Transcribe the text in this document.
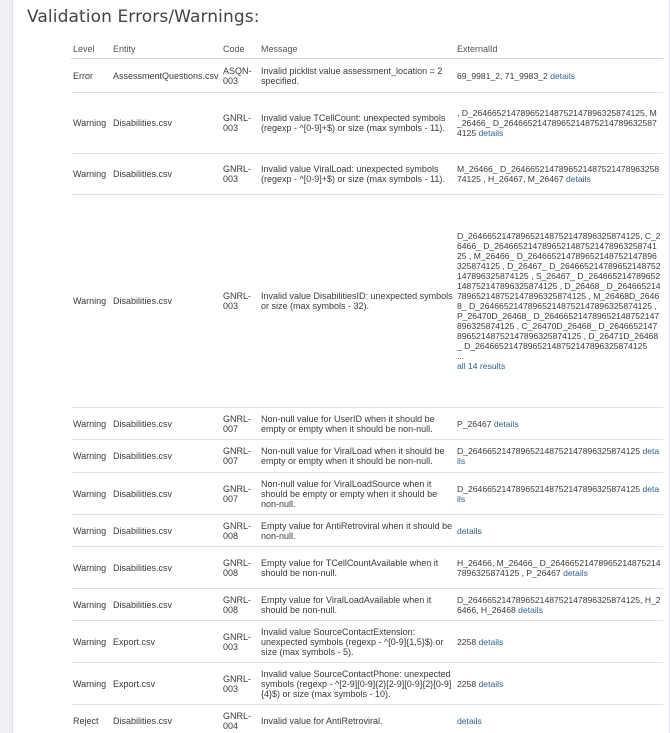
Validation Errors/Warnings:
Level	Entity	Code	Message	ExternalId
Error	AssessmentQuestions.csv	ASQN-003	Invalid picklist value assessment_location = 2 specified.	69_9981_2, 71_9983_2 details
Warning	Disabilities.csv	GNRL-003	Invalid value TCellCount: unexpected symbols (regexp - ^[0-9]+$) or size (max symbols - 11).	, D_264665214789652148752147896325874125, M_26466_ D_264665214789652148752147896325874125 details
Warning	Disabilities.csv	GNRL-003	Invalid value ViralLoad: unexpected symbols (regexp - ^[0-9]+$) or size (max symbols - 11).	M_26466_ D_264665214789652148752147896325874125 , H_26467, M_26467 details
Warning	Disabilities.csv	GNRL-003	Invalid value DisabilitiesID: unexpected symbols or size (max symbols - 32).	D_264665214789652148752147896325874125, C_26466_ D_264665214789652148752147896325874125 , M_26466_ D_264665214789652148752147896325874125 , D_26467_ D_264665214789652148752147896325874125 , S_26467_ D_264665214789652148752147896325874125 , D_26468_ D_264665214789652148752147896325874125 , M_26468D_26468_ D_264665214789652148752147896325874125 , P_26470D_26468_ D_264665214789652148752147896325874125 , C_26470D_26468_ D_264665214789652148752147896325874125 , D_26471D_26468_ D_264665214789652148752147896325874125
...
all 14 results
Warning	Disabilities.csv	GNRL-007	Non-null value for UserID when it should be empty or empty when it should be non-null.	P_26467 details
Warning	Disabilities.csv	GNRL-007	Non-null value for ViralLoad when it should be empty or empty when it should be non-null.	D_264665214789652148752147896325874125 details
Warning	Disabilities.csv	GNRL-007	Non-null value for ViralLoadSource when it should be empty or empty when it should be non-null.	D_264665214789652148752147896325874125 details
Warning	Disabilities.csv	GNRL-008	Empty value for AntiRetroviral when it should be non-null.	details
Warning	Disabilities.csv	GNRL-008	Empty value for TCellCountAvailable when it should be non-null.	H_26466, M_26466_ D_264665214789652148752147896325874125 , P_26467 details
Warning	Disabilities.csv	GNRL-008	Empty value for ViralLoadAvailable when it should be non-null.	D_264665214789652148752147896325874125, H_26466, H_26468 details
Warning	Export.csv	GNRL-003	Invalid value SourceContactExtension: unexpected symbols (regexp - ^[0-9]{1,5}$) or size (max symbols - 5).	2258 details
Warning	Export.csv	GNRL-003	Invalid value SourceContactPhone: unexpected symbols (regexp - ^[2-9][0-9]{2}[2-9][0-9]{2}[0-9]{4}$) or size (max symbols - 10).	2258 details
Reject	Disabilities.csv	GNRL-004	Invalid value for AntiRetroviral.	details
